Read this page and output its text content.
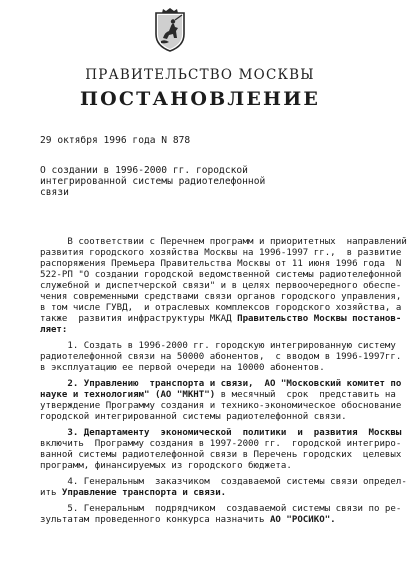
ПРАВИТЕЛЬСТВО МОСКВЫ
ПОСТАНОВЛЕНИЕ
29 октября 1996 года N 878
О создании в 1996-2000 гг. городской
интегрированной системы радиотелефонной
связи
В соответствии с Перечнем программ и приоритетных  направлений
развития городского хозяйства Москвы на 1996-1997 гг.,  в развитие
распоряжения Премьера Правительства Москвы от 11 июня 1996 года  N
522-РП "О создании городской ведомственной системы радиотелефонной
служебной и диспетчерской связи" и в целях первоочередного обеспе-
чения современными средствами связи органов городского управления,
в том числе ГУВД,  и отраслевых комплексов городского хозяйства, а
также  развития инфраструктуры МКАД Правительство Москвы постанов-
ляет:
1. Создать в 1996-2000 гг. городскую интегрированную систему
радиотелефонной связи на 50000 абонентов,  с вводом в 1996-1997гг.
в эксплуатацию ее первой очереди на 10000 абонентов.
2. Управлению  транспорта и связи,  АО "Московский комитет по
науке и технологиям" (АО "МКНТ") в месячный  срок  представить на
утверждение Программу создания и технико-экономическое обоснование
городской интегрированной системы радиотелефонной связи.
3. Департаменту  экономической  политики  и  развития  Москвы
включить  Программу создания в 1997-2000 гг.  городской интегриро-
ванной системы радиотелефонной связи в Перечень городских  целевых
программ, финансируемых из городского бюджета.
4. Генеральным  заказчиком  создаваемой системы связи определ-
ить Управление транспорта и связи.
5. Генеральным  подрядчиком  создаваемой системы связи по ре-
зультатам проведенного конкурса назначить АО "РОСИКО".
